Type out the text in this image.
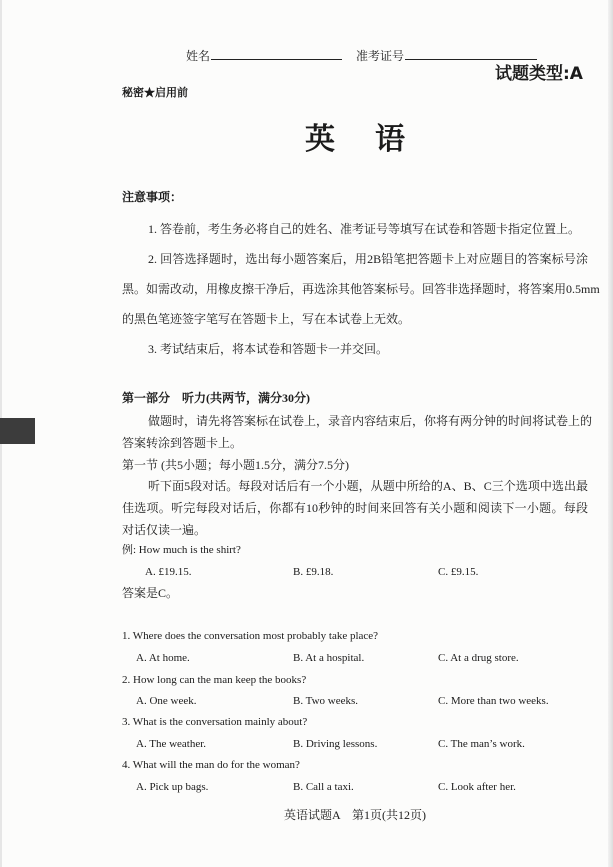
姓名	准考证号
试题类型:A
秘密★启用前
英语
注意事项：
1. 答卷前，考生务必将自己的姓名、准考证号等填写在试卷和答题卡指定位置上。
2. 回答选择题时，选出每小题答案后，用2B铅笔把答题卡上对应题目的答案标号涂
黑。如需改动，用橡皮擦干净后，再选涂其他答案标号。回答非选择题时，将答案用0.5mm
的黑色笔迹签字笔写在答题卡上，写在本试卷上无效。
3. 考试结束后，将本试卷和答题卡一并交回。
第一部分　听力(共两节，满分30分)
做题时，请先将答案标在试卷上，录音内容结束后，你将有两分钟的时间将试卷上的
答案转涂到答题卡上。
第一节 (共5小题；每小题1.5分，满分7.5分)
听下面5段对话。每段对话后有一个小题，从题中所给的A、B、C三个选项中选出最
佳选项。听完每段对话后，你都有10秒钟的时间来回答有关小题和阅读下一小题。每段
对话仅读一遍。
例: How much is the shirt?
A. £19.15.	B. £9.18.	C. £9.15.
答案是C。
1. Where does the conversation most probably take place?
A. At home.	B. At a hospital.	C. At a drug store.
2. How long can the man keep the books?
A. One week.	B. Two weeks.	C. More than two weeks.
3. What is the conversation mainly about?
A. The weather.	B. Driving lessons.	C. The man’s work.
4. What will the man do for the woman?
A. Pick up bags.	B. Call a taxi.	C. Look after her.
英语试题A　第1页(共12页)
